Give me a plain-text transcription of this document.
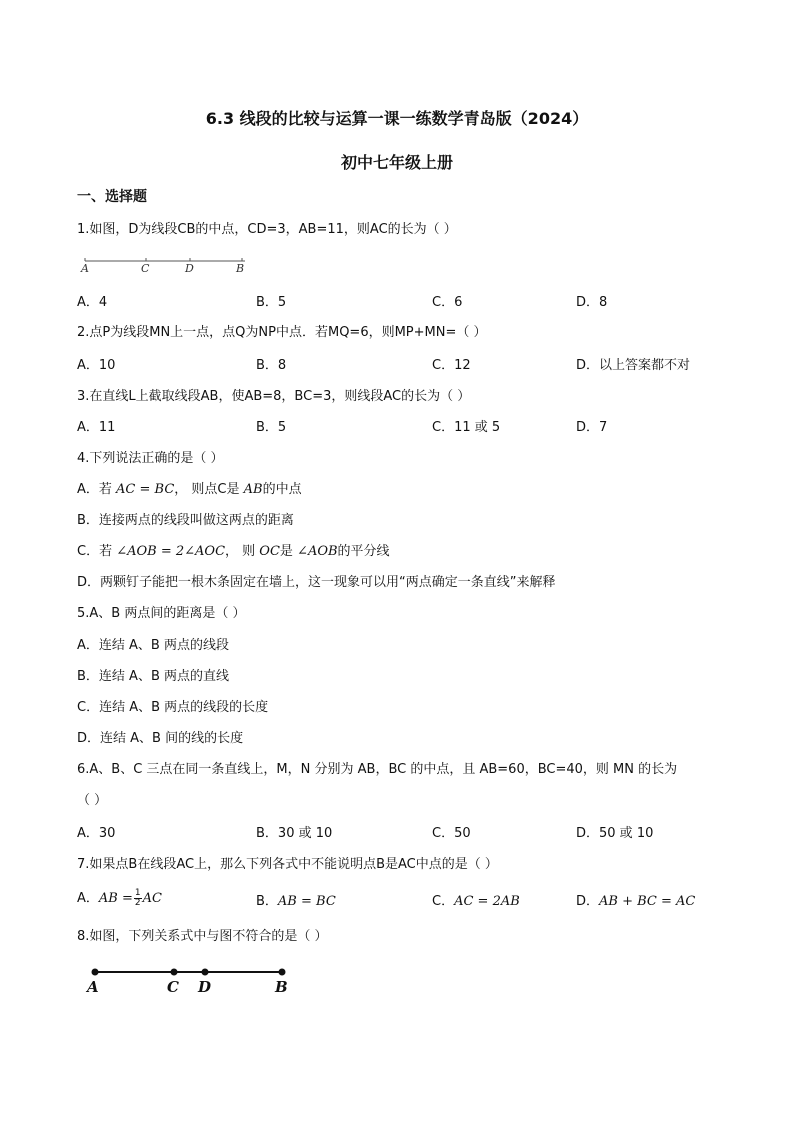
6.3 线段的比较与运算一课一练数学青岛版（2024）
初中七年级上册
一、选择题
1.如图，D为线段CB的中点，CD=3，AB=11，则AC的长为（ ）
A	C	D	B
A．4	B．5	C．6	D．8
2.点P为线段MN上一点，点Q为NP中点．若MQ=6，则MP+MN=（ ）
A．10	B．8	C．12	D．以上答案都不对
3.在直线L上截取线段AB，使AB=8，BC=3，则线段AC的长为（ ）
A．11	B．5	C．11 或 5	D．7
4.下列说法正确的是（ ）
A．若 AC = BC， 则点C是 AB的中点
B．连接两点的线段叫做这两点的距离
C．若 ∠AOB = 2∠AOC， 则 OC是 ∠AOB的平分线
D．两颗钉子能把一根木条固定在墙上，这一现象可以用“两点确定一条直线”来解释
5.A、B 两点间的距离是（ ）
A．连结 A、B 两点的线段
B．连结 A、B 两点的直线
C．连结 A、B 两点的线段的长度
D．连结 A、B 间的线的长度
6.A、B、C 三点在同一条直线上，M，N 分别为 AB，BC 的中点，且 AB=60，BC=40，则 MN 的长为
（ ）
A．30	B．30 或 10	C．50	D．50 或 10
7.如果点B在线段AC上，那么下列各式中不能说明点B是AC中点的是（ ）
A．AB = $\frac{1}{2}$ AC	B．AB = BC	C．AC = 2AB	D．AB + BC = AC
8.如图，下列关系式中与图不符合的是（ ）
A	C D	B
